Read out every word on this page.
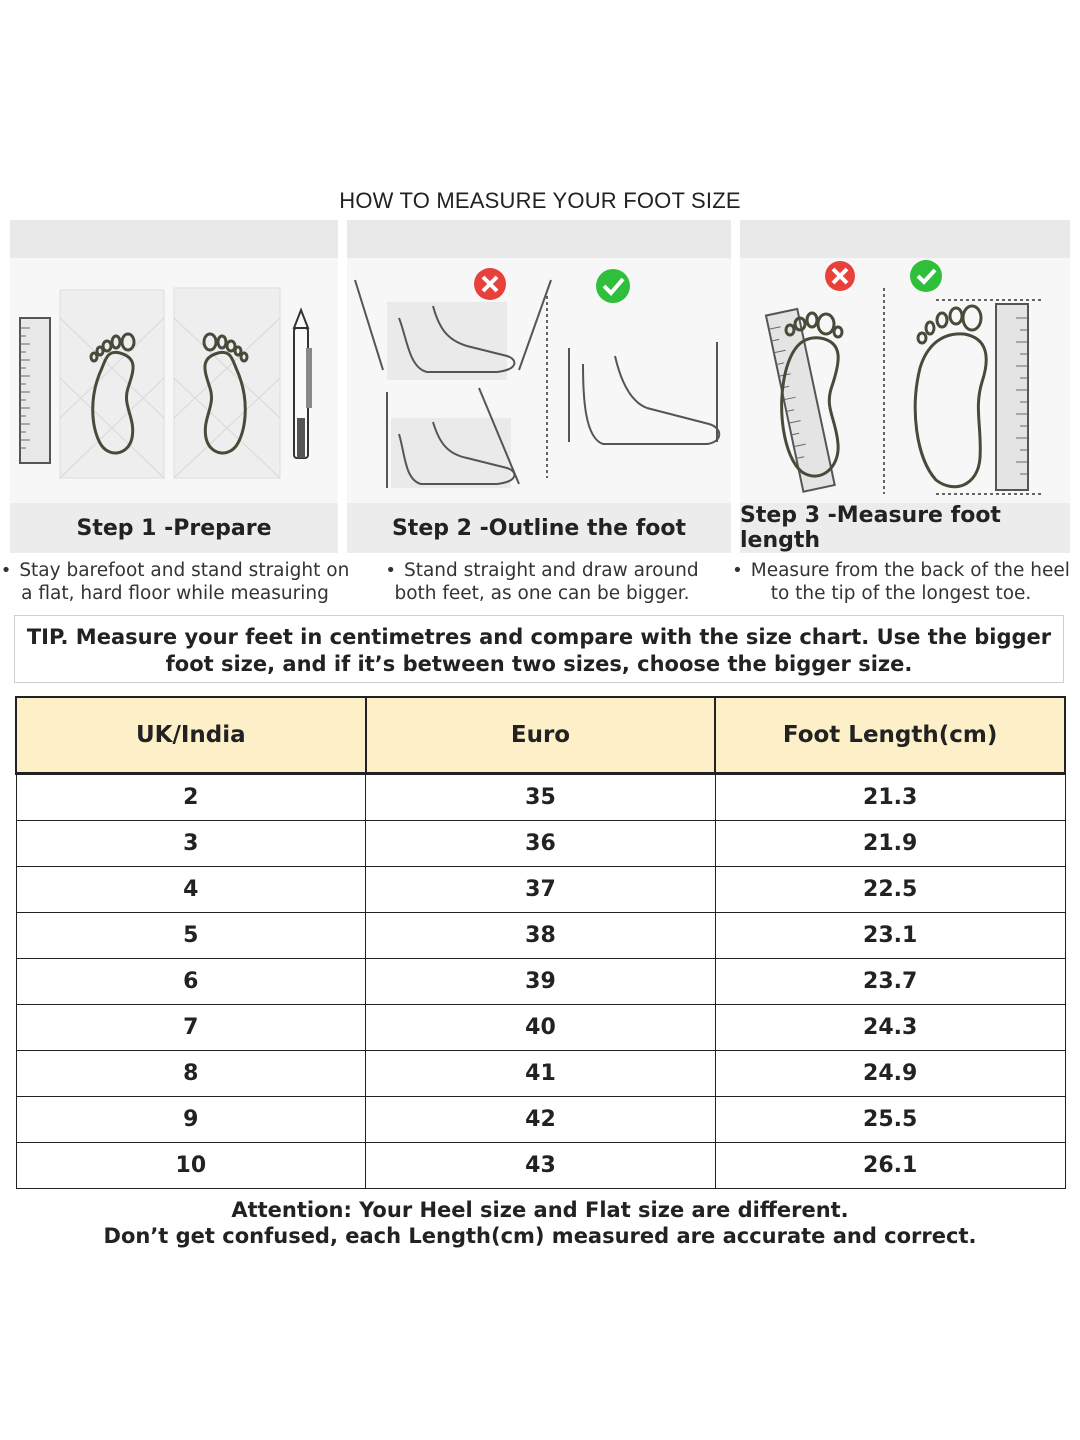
HOW TO MEASURE YOUR FOOT SIZE
Step 1 -Prepare	Step 2 -Outline the foot	Step 3 -Measure foot length
• Stay barefoot and stand straight on
a flat, hard floor while measuring
• Stand straight and draw around
both feet, as one can be bigger.
• Measure from the back of the heel
to the tip of the longest toe.
TIP. Measure your feet in centimetres and compare with the size chart. Use the bigger
foot size, and if it’s between two sizes, choose the bigger size.
UK/India	Euro	Foot Length(cm)
2	35	21.3
3	36	21.9
4	37	22.5
5	38	23.1
6	39	23.7
7	40	24.3
8	41	24.9
9	42	25.5
10	43	26.1
Attention: Your Heel size and Flat size are different.
Don’t get confused, each Length(cm) measured are accurate and correct.
